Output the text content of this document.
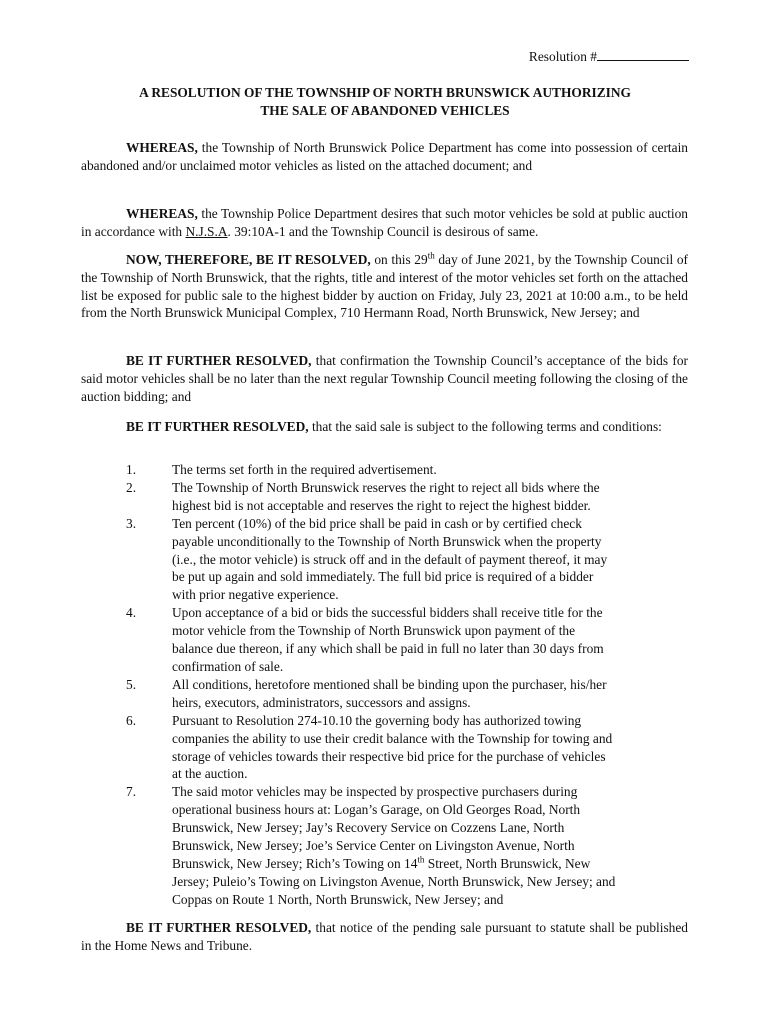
Resolution #
A RESOLUTION OF THE TOWNSHIP OF NORTH BRUNSWICK AUTHORIZING
THE SALE OF ABANDONED VEHICLES
WHEREAS, the Township of North Brunswick Police Department has come into possession of certain abandoned and/or unclaimed motor vehicles as listed on the attached document; and
WHEREAS, the Township Police Department desires that such motor vehicles be sold at public auction in accordance with N.J.S.A. 39:10A-1 and the Township Council is desirous of same.
NOW, THEREFORE, BE IT RESOLVED, on this 29th day of June 2021, by the Township Council of the Township of North Brunswick, that the rights, title and interest of the motor vehicles set forth on the attached list be exposed for public sale to the highest bidder by auction on Friday, July 23, 2021 at 10:00 a.m., to be held from the North Brunswick Municipal Complex, 710 Hermann Road, North Brunswick, New Jersey; and
BE IT FURTHER RESOLVED, that confirmation the Township Council’s acceptance of the bids for said motor vehicles shall be no later than the next regular Township Council meeting following the closing of the auction bidding; and
BE IT FURTHER RESOLVED, that the said sale is subject to the following terms and conditions:
1.	The terms set forth in the required advertisement.
2.	The Township of North Brunswick reserves the right to reject all bids where the highest bid is not acceptable and reserves the right to reject the highest bidder.
3.	Ten percent (10%) of the bid price shall be paid in cash or by certified check payable unconditionally to the Township of North Brunswick when the property (i.e., the motor vehicle) is struck off and in the default of payment thereof, it may be put up again and sold immediately. The full bid price is required of a bidder with prior negative experience.
4.	Upon acceptance of a bid or bids the successful bidders shall receive title for the motor vehicle from the Township of North Brunswick upon payment of the balance due thereon, if any which shall be paid in full no later than 30 days from confirmation of sale.
5.	All conditions, heretofore mentioned shall be binding upon the purchaser, his/her heirs, executors, administrators, successors and assigns.
6.	Pursuant to Resolution 274-10.10 the governing body has authorized towing companies the ability to use their credit balance with the Township for towing and storage of vehicles towards their respective bid price for the purchase of vehicles at the auction.
7.	The said motor vehicles may be inspected by prospective purchasers during operational business hours at: Logan’s Garage, on Old Georges Road, North Brunswick, New Jersey; Jay’s Recovery Service on Cozzens Lane, North Brunswick, New Jersey; Joe’s Service Center on Livingston Avenue, North Brunswick, New Jersey; Rich’s Towing on 14th Street, North Brunswick, New Jersey; Puleio’s Towing on Livingston Avenue, North Brunswick, New Jersey; and Coppas on Route 1 North, North Brunswick, New Jersey; and
BE IT FURTHER RESOLVED, that notice of the pending sale pursuant to statute shall be published in the Home News and Tribune.
